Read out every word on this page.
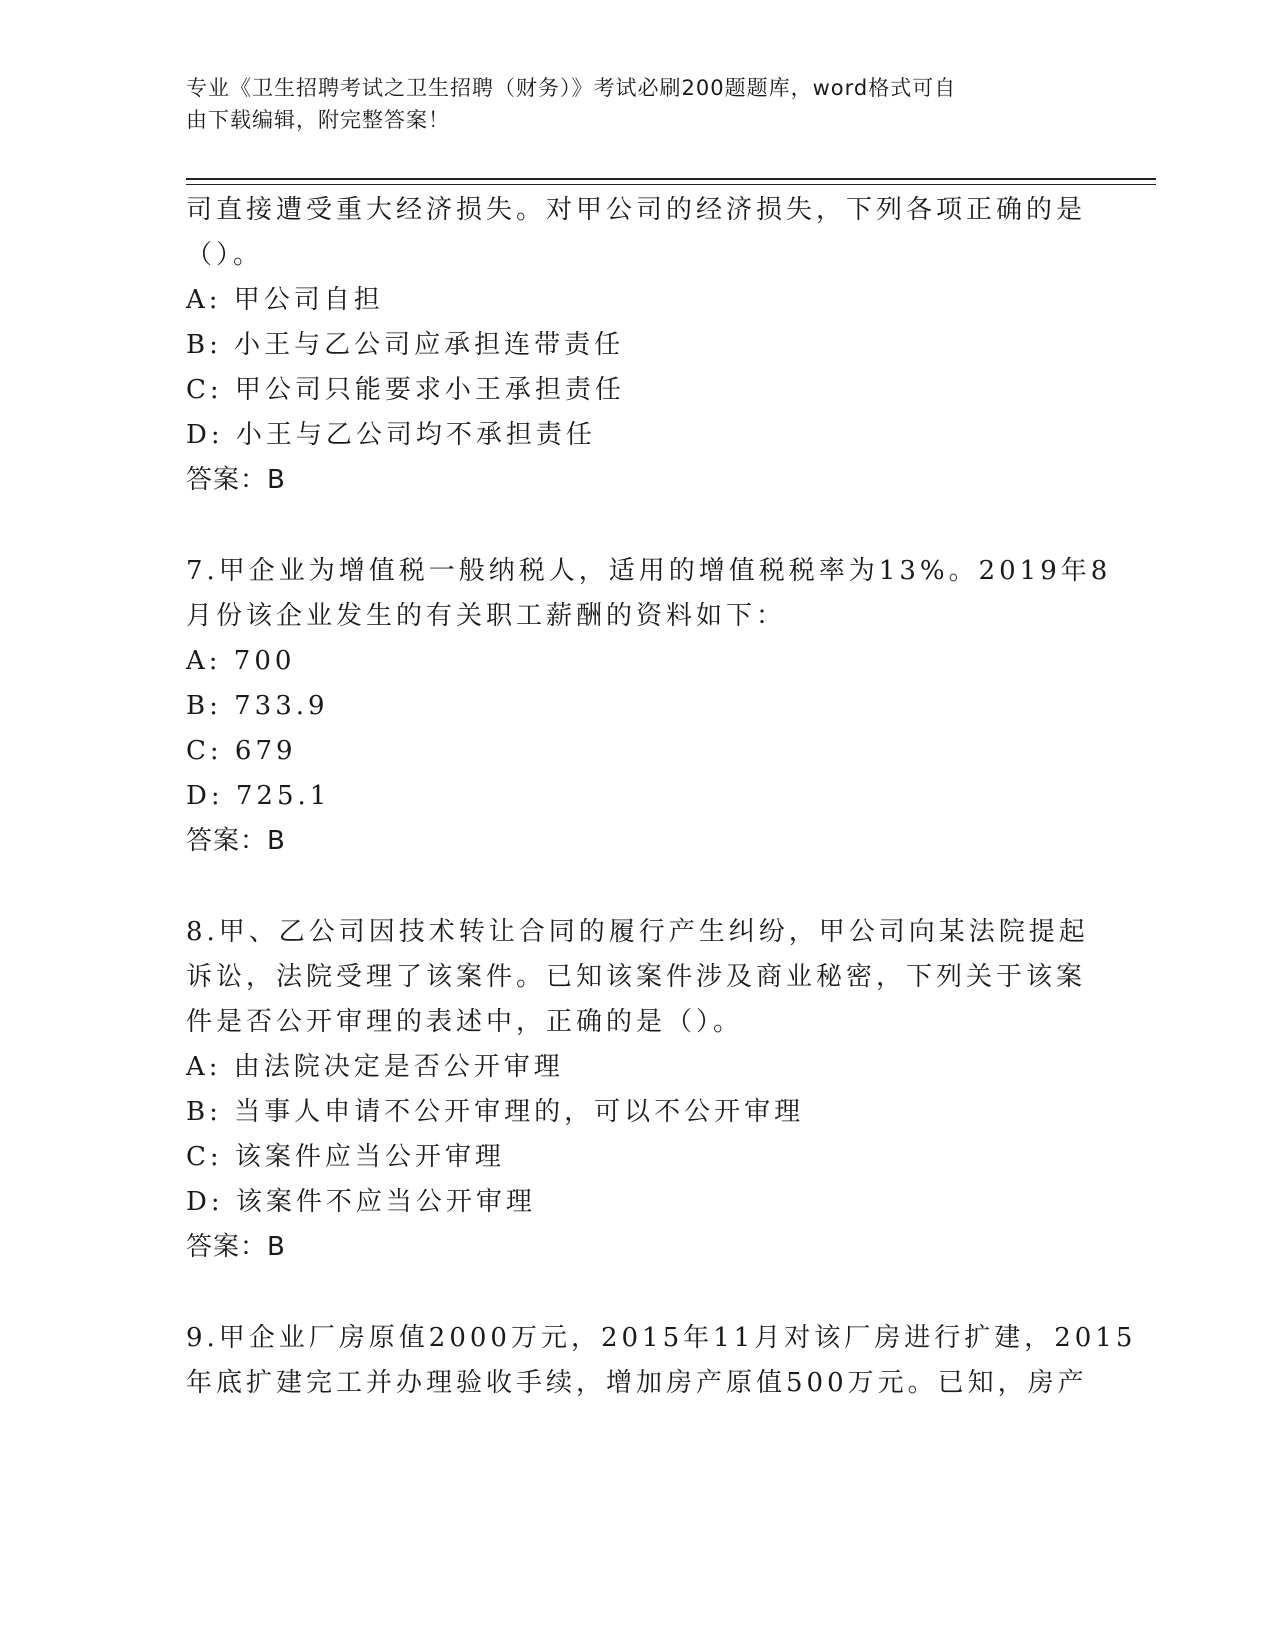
专业《卫生招聘考试之卫生招聘（财务）》考试必刷200题题库，word格式可自
由下载编辑，附完整答案！
司直接遭受重大经济损失。对甲公司的经济损失，下列各项正确的是
（）。
A: 甲公司自担
B: 小王与乙公司应承担连带责任
C: 甲公司只能要求小王承担责任
D: 小王与乙公司均不承担责任
答案：B
7.甲企业为增值税一般纳税人，适用的增值税税率为13%。2019年8
月份该企业发生的有关职工薪酬的资料如下：
A: 700
B: 733.9
C: 679
D: 725.1
答案：B
8.甲、乙公司因技术转让合同的履行产生纠纷，甲公司向某法院提起
诉讼，法院受理了该案件。已知该案件涉及商业秘密，下列关于该案
件是否公开审理的表述中，正确的是（）。
A: 由法院决定是否公开审理
B: 当事人申请不公开审理的，可以不公开审理
C: 该案件应当公开审理
D: 该案件不应当公开审理
答案：B
9.甲企业厂房原值2000万元，2015年11月对该厂房进行扩建，2015
年底扩建完工并办理验收手续，增加房产原值500万元。已知，房产
